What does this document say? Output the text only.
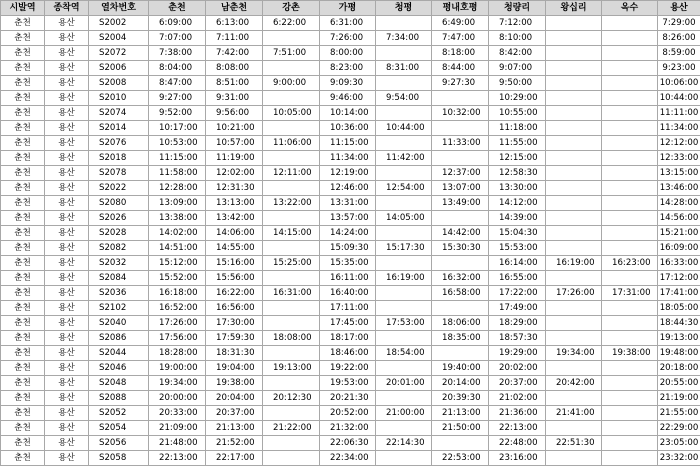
시발역	종착역	열차번호	춘천	남춘천	강촌	가평	청평	평내호평	청량리	왕십리	옥수	용산
춘천	용산	S2002	6:09:00	6:13:00	6:22:00	6:31:00		6:49:00	7:12:00			7:29:00
춘천	용산	S2004	7:07:00	7:11:00		7:26:00	7:34:00	7:47:00	8:10:00			8:26:00
춘천	용산	S2072	7:38:00	7:42:00	7:51:00	8:00:00		8:18:00	8:42:00			8:59:00
춘천	용산	S2006	8:04:00	8:08:00		8:23:00	8:31:00	8:44:00	9:07:00			9:23:00
춘천	용산	S2008	8:47:00	8:51:00	9:00:00	9:09:30		9:27:30	9:50:00			10:06:00
춘천	용산	S2010	9:27:00	9:31:00		9:46:00	9:54:00		10:29:00			10:44:00
춘천	용산	S2074	9:52:00	9:56:00	10:05:00	10:14:00		10:32:00	10:55:00			11:11:00
춘천	용산	S2014	10:17:00	10:21:00		10:36:00	10:44:00		11:18:00			11:34:00
춘천	용산	S2076	10:53:00	10:57:00	11:06:00	11:15:00		11:33:00	11:55:00			12:12:00
춘천	용산	S2018	11:15:00	11:19:00		11:34:00	11:42:00		12:15:00			12:33:00
춘천	용산	S2078	11:58:00	12:02:00	12:11:00	12:19:00		12:37:00	12:58:30			13:15:00
춘천	용산	S2022	12:28:00	12:31:30		12:46:00	12:54:00	13:07:00	13:30:00			13:46:00
춘천	용산	S2080	13:09:00	13:13:00	13:22:00	13:31:00		13:49:00	14:12:00			14:28:00
춘천	용산	S2026	13:38:00	13:42:00		13:57:00	14:05:00		14:39:00			14:56:00
춘천	용산	S2028	14:02:00	14:06:00	14:15:00	14:24:00		14:42:00	15:04:30			15:21:00
춘천	용산	S2082	14:51:00	14:55:00		15:09:30	15:17:30	15:30:30	15:53:00			16:09:00
춘천	용산	S2032	15:12:00	15:16:00	15:25:00	15:35:00			16:14:00	16:19:00	16:23:00	16:33:00
춘천	용산	S2084	15:52:00	15:56:00		16:11:00	16:19:00	16:32:00	16:55:00			17:12:00
춘천	용산	S2036	16:18:00	16:22:00	16:31:00	16:40:00		16:58:00	17:22:00	17:26:00	17:31:00	17:41:00
춘천	용산	S2102	16:52:00	16:56:00		17:11:00			17:49:00			18:05:00
춘천	용산	S2040	17:26:00	17:30:00		17:45:00	17:53:00	18:06:00	18:29:00			18:44:30
춘천	용산	S2086	17:56:00	17:59:30	18:08:00	18:17:00		18:35:00	18:57:30			19:13:00
춘천	용산	S2044	18:28:00	18:31:30		18:46:00	18:54:00		19:29:00	19:34:00	19:38:00	19:48:00
춘천	용산	S2046	19:00:00	19:04:00	19:13:00	19:22:00		19:40:00	20:02:00			20:18:00
춘천	용산	S2048	19:34:00	19:38:00		19:53:00	20:01:00	20:14:00	20:37:00	20:42:00		20:55:00
춘천	용산	S2088	20:00:00	20:04:00	20:12:30	20:21:30		20:39:30	21:02:00			21:19:00
춘천	용산	S2052	20:33:00	20:37:00		20:52:00	21:00:00	21:13:00	21:36:00	21:41:00		21:55:00
춘천	용산	S2054	21:09:00	21:13:00	21:22:00	21:32:00		21:50:00	22:13:00			22:29:00
춘천	용산	S2056	21:48:00	21:52:00		22:06:30	22:14:30		22:48:00	22:51:30		23:05:00
춘천	용산	S2058	22:13:00	22:17:00		22:34:00		22:53:00	23:16:00			23:32:00
